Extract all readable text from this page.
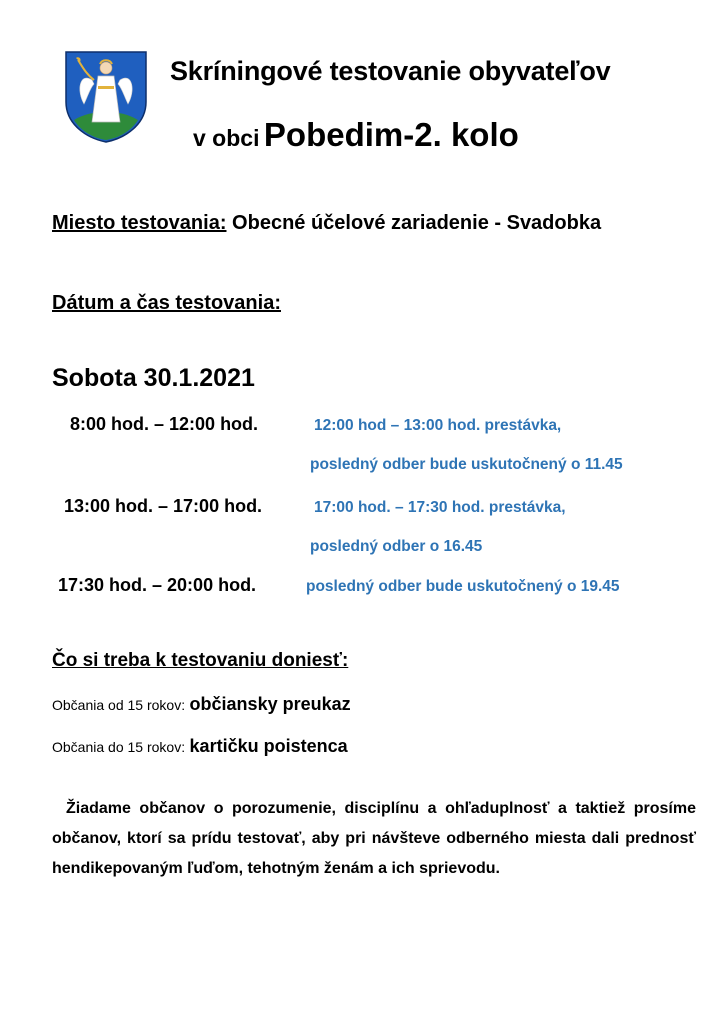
Skríningové testovanie obyvateľov
v obci Pobedim-2. kolo
Miesto testovania: Obecné účelové zariadenie - Svadobka
Dátum a čas testovania:
Sobota 30.1.2021
8:00 hod. – 12:00 hod.	12:00 hod – 13:00 hod. prestávka,
posledný odber bude uskutočnený o 11.45
13:00 hod. – 17:00 hod.	17:00 hod. – 17:30 hod. prestávka,
posledný odber o 16.45
17:30 hod. – 20:00 hod.	posledný odber bude uskutočnený o 19.45
Čo si treba k testovaniu doniesť:
Občania od 15 rokov: občiansky preukaz
Občania do 15 rokov: kartičku poistenca
Žiadame občanov o porozumenie, disciplínu a ohľaduplnosť a taktiež prosíme občanov, ktorí sa prídu testovať, aby pri návšteve odberného miesta dali prednosť hendikepovaným ľuďom, tehotným ženám a ich sprievodu.
